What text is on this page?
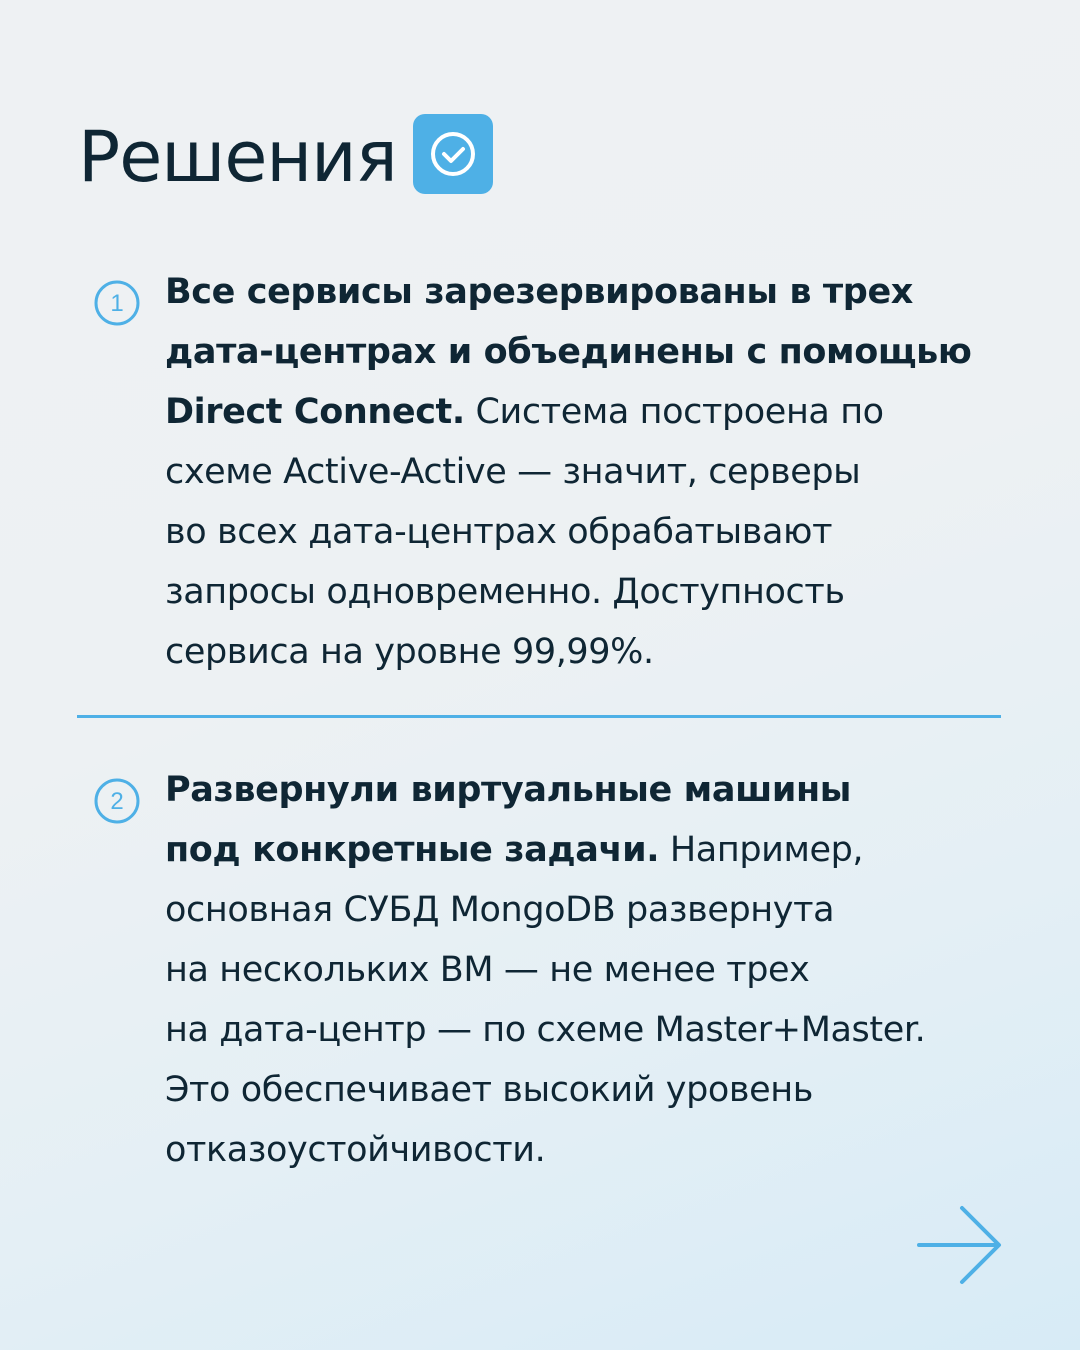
Решения
1 Все сервисы зарезервированы в трех
дата-центрах и объединены с помощью
Direct Connect. Система построена по
схеме Active-Active — значит, серверы
во всех дата-центрах обрабатывают
запросы одновременно. Доступность
сервиса на уровне 99,99%.

2 Развернули виртуальные машины
под конкретные задачи. Например,
основная СУБД MongoDB развернута
на нескольких ВМ — не менее трех
на дата-центр — по схеме Master+Master.
Это обеспечивает высокий уровень
отказоустойчивости.
